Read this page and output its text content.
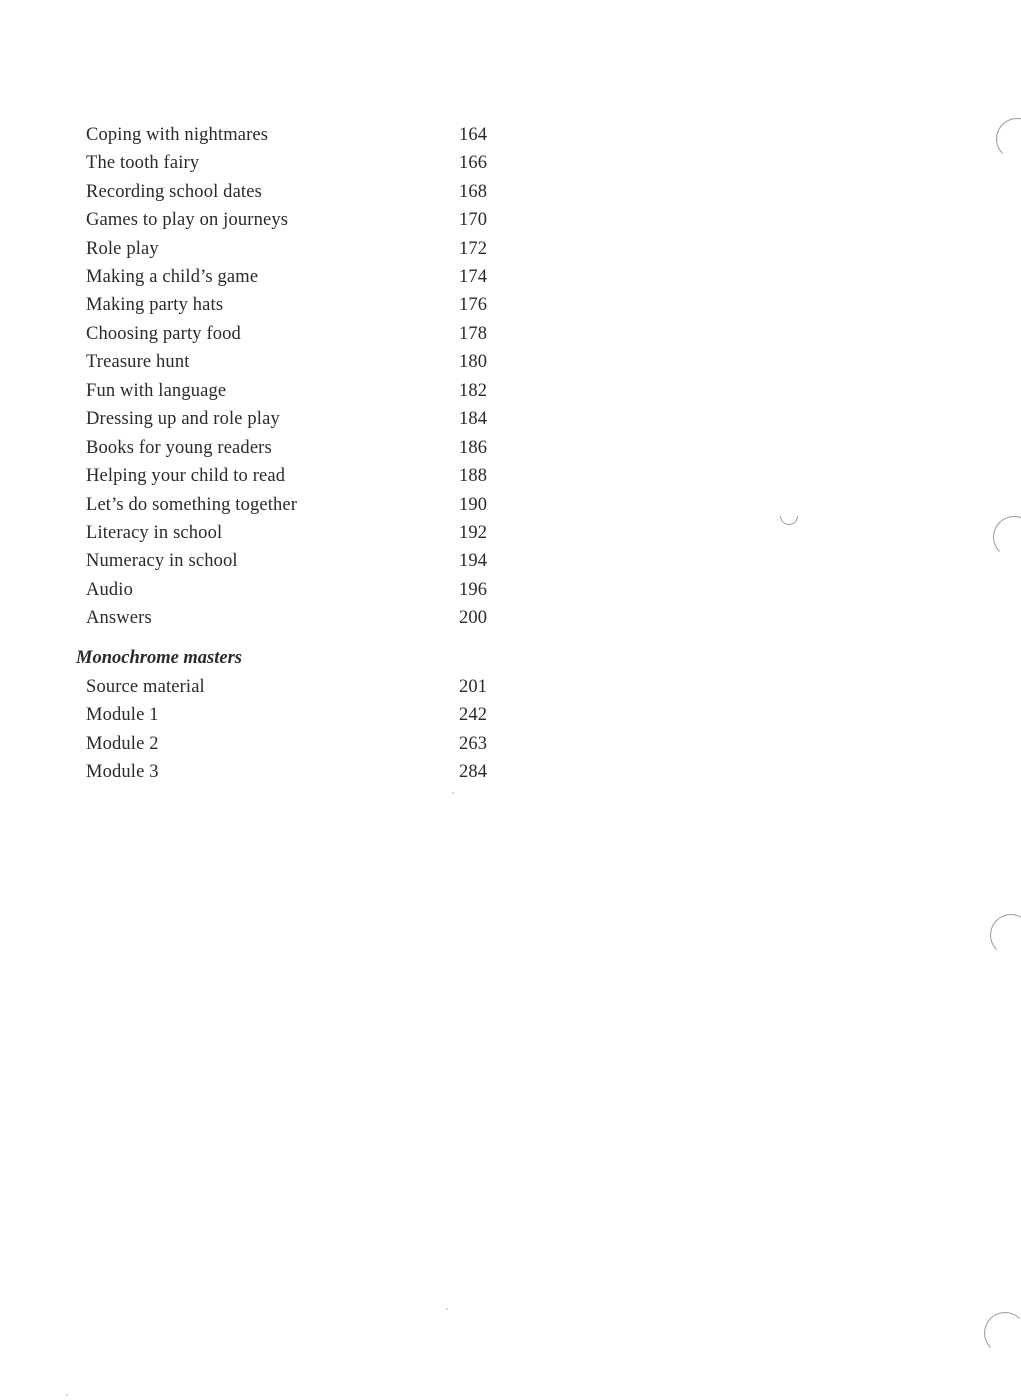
Coping with nightmares	164
The tooth fairy	166
Recording school dates	168
Games to play on journeys	170
Role play	172
Making a child’s game	174
Making party hats	176
Choosing party food	178
Treasure hunt	180
Fun with language	182
Dressing up and role play	184
Books for young readers	186
Helping your child to read	188
Let’s do something together	190
Literacy in school	192
Numeracy in school	194
Audio	196
Answers	200
Monochrome masters
Source material	201
Module 1	242
Module 2	263
Module 3	284
